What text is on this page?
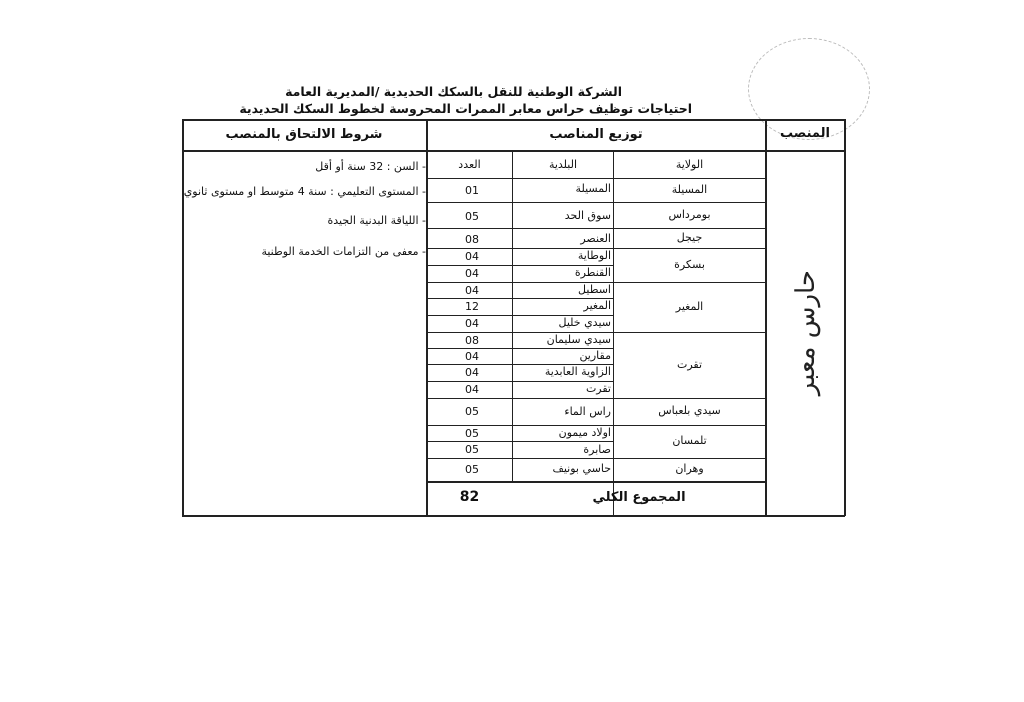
الشركة الوطنية للنقل بالسكك الحديدية /المديرية العامة
احتياجات توظيف حراس معابر الممرات المحروسة لخطوط السكك الحديدية
شروط الالتحاق بالمنصب	توزيع المناصب	المنصب
الولاية
البلدية
العدد
المسيلة
بومرداس
جيجل
بسكرة
المغير
تقرت
سيدي بلعباس
تلمسان
وهران
المسيلة
سوق الحد
العنصر
الوطاية
القنطرة
اسطيل
المغير
سيدي خليل
سيدي سليمان
مقارين
الزاوية العابدية
تقرت
راس الماء
اولاد ميمون
صابرة
حاسي بونيف
01
05
08
04
04
04
12
04
08
04
04
04
05
05
05
05
المجموع الكلي
82
- السن : 32 سنة أو أقل
- المستوى التعليمي : سنة 4 متوسط او مستوى ثانوي
- اللياقة البدنية الجيدة
- معفى من التزامات الخدمة الوطنية
حارس معبر
